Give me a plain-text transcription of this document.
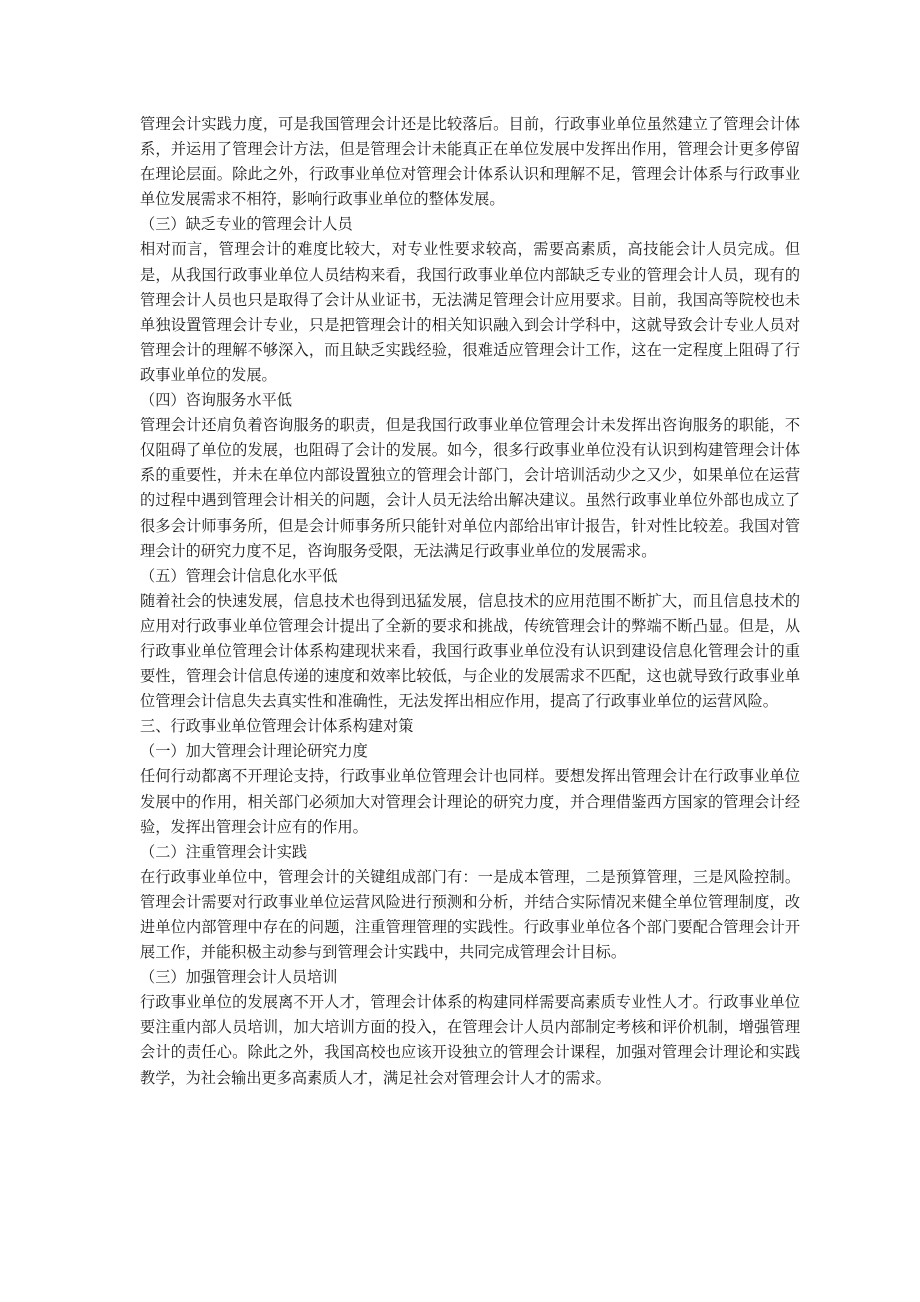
管理会计实践力度，可是我国管理会计还是比较落后。目前，行政事业单位虽然建立了管理会计体系，并运用了管理会计方法，但是管理会计未能真正在单位发展中发挥出作用，管理会计更多停留在理论层面。除此之外，行政事业单位对管理会计体系认识和理解不足，管理会计体系与行政事业单位发展需求不相符，影响行政事业单位的整体发展。

（三）缺乏专业的管理会计人员

相对而言，管理会计的难度比较大，对专业性要求较高，需要高素质，高技能会计人员完成。但是，从我国行政事业单位人员结构来看，我国行政事业单位内部缺乏专业的管理会计人员，现有的管理会计人员也只是取得了会计从业证书，无法满足管理会计应用要求。目前，我国高等院校也未单独设置管理会计专业，只是把管理会计的相关知识融入到会计学科中，这就导致会计专业人员对管理会计的理解不够深入，而且缺乏实践经验，很难适应管理会计工作，这在一定程度上阻碍了行政事业单位的发展。

（四）咨询服务水平低

管理会计还肩负着咨询服务的职责，但是我国行政事业单位管理会计未发挥出咨询服务的职能，不仅阻碍了单位的发展，也阻碍了会计的发展。如今，很多行政事业单位没有认识到构建管理会计体系的重要性，并未在单位内部设置独立的管理会计部门，会计培训活动少之又少，如果单位在运营的过程中遇到管理会计相关的问题，会计人员无法给出解决建议。虽然行政事业单位外部也成立了很多会计师事务所，但是会计师事务所只能针对单位内部给出审计报告，针对性比较差。我国对管理会计的研究力度不足，咨询服务受限，无法满足行政事业单位的发展需求。

（五）管理会计信息化水平低

随着社会的快速发展，信息技术也得到迅猛发展，信息技术的应用范围不断扩大，而且信息技术的应用对行政事业单位管理会计提出了全新的要求和挑战，传统管理会计的弊端不断凸显。但是，从行政事业单位管理会计体系构建现状来看，我国行政事业单位没有认识到建设信息化管理会计的重要性，管理会计信息传递的速度和效率比较低，与企业的发展需求不匹配，这也就导致行政事业单位管理会计信息失去真实性和准确性，无法发挥出相应作用，提高了行政事业单位的运营风险。

三、行政事业单位管理会计体系构建对策

（一）加大管理会计理论研究力度

任何行动都离不开理论支持，行政事业单位管理会计也同样。要想发挥出管理会计在行政事业单位发展中的作用，相关部门必须加大对管理会计理论的研究力度，并合理借鉴西方国家的管理会计经验，发挥出管理会计应有的作用。

（二）注重管理会计实践

在行政事业单位中，管理会计的关键组成部门有：一是成本管理，二是预算管理，三是风险控制。管理会计需要对行政事业单位运营风险进行预测和分析，并结合实际情况来健全单位管理制度，改进单位内部管理中存在的问题，注重管理管理的实践性。行政事业单位各个部门要配合管理会计开展工作，并能积极主动参与到管理会计实践中，共同完成管理会计目标。

（三）加强管理会计人员培训

行政事业单位的发展离不开人才，管理会计体系的构建同样需要高素质专业性人才。行政事业单位要注重内部人员培训，加大培训方面的投入，在管理会计人员内部制定考核和评价机制，增强管理会计的责任心。除此之外，我国高校也应该开设独立的管理会计课程，加强对管理会计理论和实践教学，为社会输出更多高素质人才，满足社会对管理会计人才的需求。
